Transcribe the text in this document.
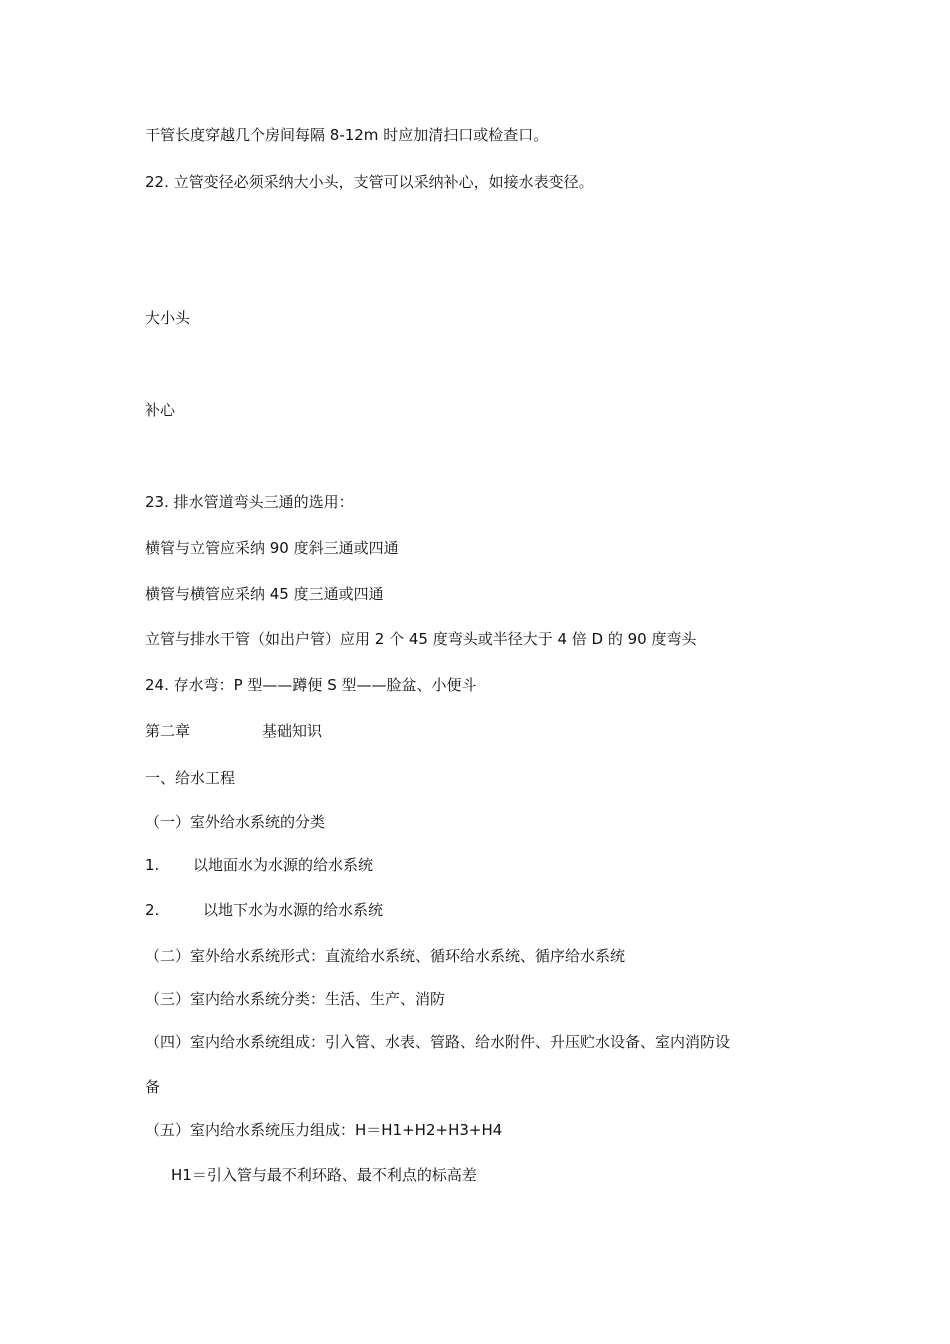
干管长度穿越几个房间每隔 8-12m 时应加清扫口或检查口。
22. 立管变径必须采纳大小头，支管可以采纳补心，如接水表变径。
大小头
补心
23. 排水管道弯头三通的选用：
横管与立管应采纳 90 度斜三通或四通
横管与横管应采纳 45 度三通或四通
立管与排水干管（如出户管）应用 2 个 45 度弯头或半径大于 4 倍 D 的 90 度弯头
24. 存水弯：P 型——蹲便 S 型——脸盆、小便斗
第二章	基础知识
一、给水工程
（一）室外给水系统的分类
1. 以地面水为水源的给水系统
2.	以地下水为水源的给水系统
（二）室外给水系统形式：直流给水系统、循环给水系统、循序给水系统
（三）室内给水系统分类：生活、生产、消防
（四）室内给水系统组成：引入管、水表、管路、给水附件、升压贮水设备、室内消防设
备
（五）室内给水系统压力组成：H＝H1+H2+H3+H4
H1＝引入管与最不利环路、最不利点的标高差
